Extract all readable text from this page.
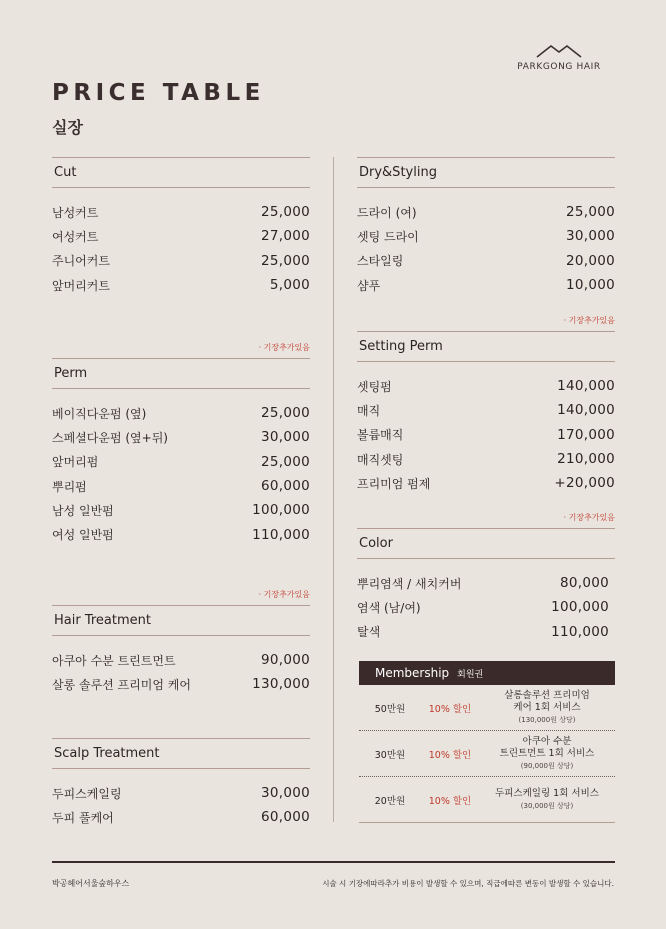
PARKGONG HAIR
PRICE TABLE
실장
Cut
남성커트	25,000
여성커트	27,000
주니어커트	25,000
앞머리커트	5,000
· 기장추가있음
Perm
베이직다운펌 (옆)	25,000
스페셜다운펌 (옆+뒤)	30,000
앞머리펌	25,000
뿌리펌	60,000
남성 일반펌	100,000
여성 일반펌	110,000
· 기장추가있음
Hair Treatment
아쿠아 수분 트린트먼트	90,000
살롱 솔루션 프리미엄 케어	130,000
Scalp Treatment
두피스케일링	30,000
두피 풀케어	60,000
Dry&Styling
드라이 (여)	25,000
셋팅 드라이	30,000
스타일링	20,000
샴푸	10,000
· 기장추가있음
Setting Perm
셋팅펌	140,000
매직	140,000
볼륨매직	170,000
매직셋팅	210,000
프리미엄 펌제	+20,000
· 기장추가있음
Color
뿌리염색 / 새치커버	80,000
염색 (남/여)	100,000
탈색	110,000
Membership 회원권
50만원	10% 할인
살롱솔루션 프리미엄
케어 1회 서비스
(130,000원 상당)
30만원	10% 할인
아쿠아 수분
트린트먼트 1회 서비스
(90,000원 상당)
20만원	10% 할인
두피스케일링 1회 서비스
(30,000원 상당)
박공헤어서울숲하우스	시술 시 기장에따라추가 비용이 발생할 수 있으며, 직급에따른 변동이 발생할 수 있습니다.
